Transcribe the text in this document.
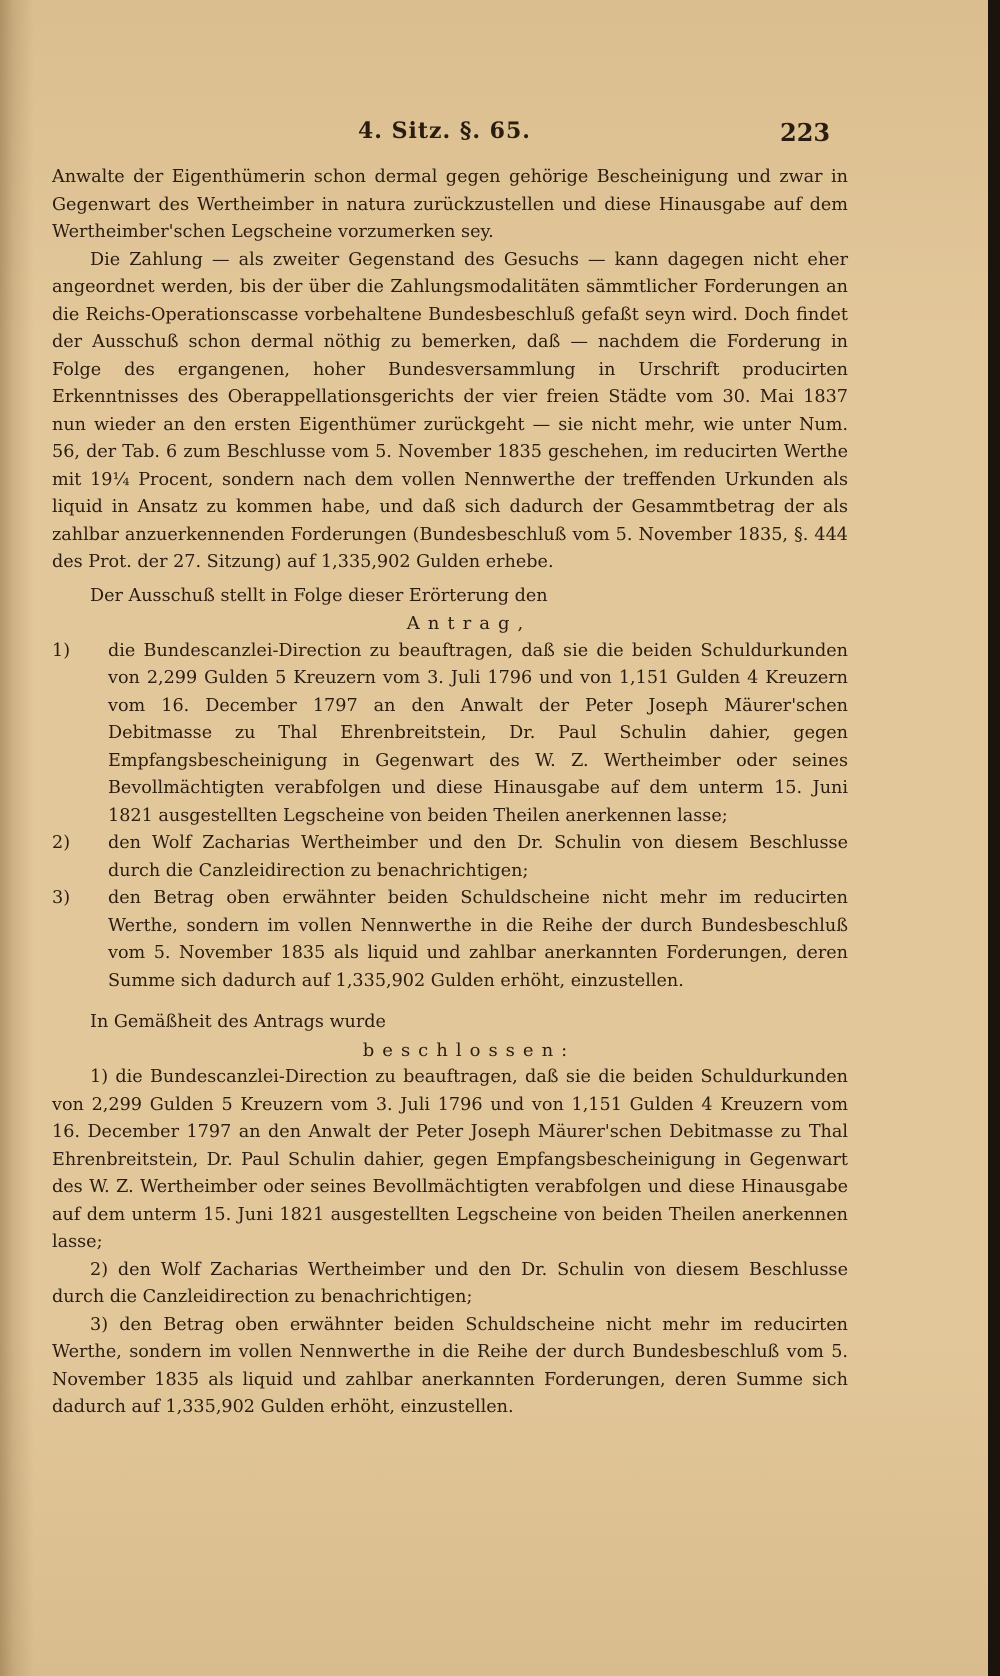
4. Sitz. §. 65.	223

Anwalte der Eigenthümerin schon dermal gegen gehörige Bescheinigung und zwar in Gegenwart des Wertheimber in natura zurückzustellen und diese Hinausgabe auf dem Wertheimber'schen Legscheine vorzumerken sey.

Die Zahlung — als zweiter Gegenstand des Gesuchs — kann dagegen nicht eher angeordnet werden, bis der über die Zahlungsmodalitäten sämmtlicher Forderungen an die Reichs-Operationscasse vorbehaltene Bundesbeschluß gefaßt seyn wird. Doch findet der Ausschuß schon dermal nöthig zu bemerken, daß — nachdem die Forderung in Folge des ergangenen, hoher Bundesversammlung in Urschrift producirten Erkenntnisses des Oberappellationsgerichts der vier freien Städte vom 30. Mai 1837 nun wieder an den ersten Eigenthümer zurückgeht — sie nicht mehr, wie unter Num. 56, der Tab. 6 zum Beschlusse vom 5. November 1835 geschehen, im reducirten Werthe mit 19¼ Procent, sondern nach dem vollen Nennwerthe der treffenden Urkunden als liquid in Ansatz zu kommen habe, und daß sich dadurch der Gesammtbetrag der als zahlbar anzuerkennenden Forderungen (Bundesbeschluß vom 5. November 1835, §. 444 des Prot. der 27. Sitzung) auf 1,335,902 Gulden erhebe.

Der Ausschuß stellt in Folge dieser Erörterung den

Antrag,

1)	die Bundescanzlei-Direction zu beauftragen, daß sie die beiden Schuldurkunden von 2,299 Gulden 5 Kreuzern vom 3. Juli 1796 und von 1,151 Gulden 4 Kreuzern vom 16. December 1797 an den Anwalt der Peter Joseph Mäurer'schen Debitmasse zu Thal Ehrenbreitstein, Dr. Paul Schulin dahier, gegen Empfangsbescheinigung in Gegenwart des W. Z. Wertheimber oder seines Bevollmächtigten verabfolgen und diese Hinausgabe auf dem unterm 15. Juni 1821 ausgestellten Legscheine von beiden Theilen anerkennen lasse;
2)	den Wolf Zacharias Wertheimber und den Dr. Schulin von diesem Beschlusse durch die Canzleidirection zu benachrichtigen;
3)	den Betrag oben erwähnter beiden Schuldscheine nicht mehr im reducirten Werthe, sondern im vollen Nennwerthe in die Reihe der durch Bundesbeschluß vom 5. November 1835 als liquid und zahlbar anerkannten Forderungen, deren Summe sich dadurch auf 1,335,902 Gulden erhöht, einzustellen.

In Gemäßheit des Antrags wurde

beschlossen:

1) die Bundescanzlei-Direction zu beauftragen, daß sie die beiden Schuldurkunden von 2,299 Gulden 5 Kreuzern vom 3. Juli 1796 und von 1,151 Gulden 4 Kreuzern vom 16. December 1797 an den Anwalt der Peter Joseph Mäurer'schen Debitmasse zu Thal Ehrenbreitstein, Dr. Paul Schulin dahier, gegen Empfangsbescheinigung in Gegenwart des W. Z. Wertheimber oder seines Bevollmächtigten verabfolgen und diese Hinausgabe auf dem unterm 15. Juni 1821 ausgestellten Legscheine von beiden Theilen anerkennen lasse;

2) den Wolf Zacharias Wertheimber und den Dr. Schulin von diesem Beschlusse durch die Canzleidirection zu benachrichtigen;

3) den Betrag oben erwähnter beiden Schuldscheine nicht mehr im reducirten Werthe, sondern im vollen Nennwerthe in die Reihe der durch Bundesbeschluß vom 5. November 1835 als liquid und zahlbar anerkannten Forderungen, deren Summe sich dadurch auf 1,335,902 Gulden erhöht, einzustellen.
